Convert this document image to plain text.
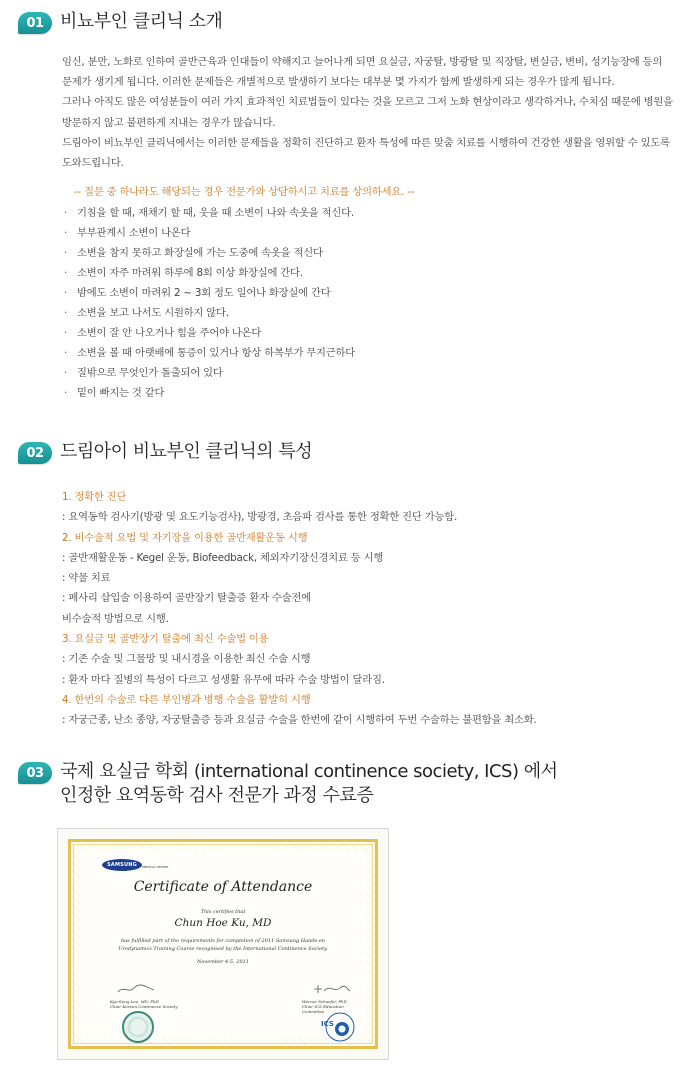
01 비뇨부인 클리닉 소개

임신, 분만, 노화로 인하여 골반근육과 인대들이 약해지고 늘어나게 되면 요실금, 자궁탈, 방광탈 및 직장탈, 변실금, 변비, 성기능장애 등의

문제가 생기게 됩니다. 이러한 문제들은 개별적으로 발생하기 보다는 대부분 몇 가지가 함께 발생하게 되는 경우가 많게 됩니다.

그러나 아직도 많은 여성분들이 여러 가지 효과적인 치료법들이 있다는 것을 모르고 그저 노화 현상이라고 생각하거나, 수치심 때문에 병원을

방문하지 않고 불편하게 지내는 경우가 많습니다.

드림아이 비뇨부인 클리닉에서는 이러한 문제들을 정확히 진단하고 환자 특성에 따른 맞춤 치료를 시행하여 건강한 생활을 영위할 수 있도록

도와드립니다.

-- 질문 중 하나라도 해당되는 경우 전문가와 상담하시고 치료를 상의하세요. --
· 기침을 할 때, 재채기 할 때, 웃을 때 소변이 나와 속옷을 적신다.
· 부부관계시 소변이 나온다
· 소변을 참지 못하고 화장실에 가는 도중에 속옷을 적신다
· 소변이 자주 마려워 하루에 8회 이상 화장실에 간다.
· 밤에도 소변이 마려워 2 ~ 3회 정도 일어나 화장실에 간다
· 소변을 보고 나서도 시원하지 않다.
· 소변이 잘 안 나오거나 힘을 주어야 나온다
· 소변을 볼 때 아랫배에 통증이 있거나 항상 하복부가 무지근하다
· 질밖으로 무엇인가 돌출되어 있다
· 밑이 빠지는 것 같다
02 드림아이 비뇨부인 클리닉의 특성
1. 정확한 진단
: 요역동학 검사기(방광 및 요도기능검사), 방광경, 초음파 검사를 통한 정확한 진단 가능함.
2. 비수술적 요법 및 자기장을 이용한 골반재활운동 시행
: 골반재활운동 - Kegel 운동, Biofeedback, 체외자기장신경치료 등 시행
: 약물 치료
: 페사리 삽입술 이용하여 골반장기 탈출증 환자 수술전에
비수술적 방법으로 시행.
3. 요실금 및 골반장기 탈출에 최신 수술법 이용
: 기존 수술 및 그물망 및 내시경을 이용한 최신 수술 시행
: 환자 마다 질병의 특성이 다르고 성생활 유무에 따라 수술 방법이 달라짐.
4. 한번의 수술로 다른 부인병과 병행 수술을 활발히 시행
: 자궁근종, 난소 종양, 자궁탈출증 등과 요실금 수술을 한번에 같이 시행하여 두번 수술하는 불편함을 최소화.
03 국제 요실금 학회 (international continence society, ICS) 에서
인정한 요역동학 검사 전문가 과정 수료증
SAMSUNG	MEDICAL CENTER
Certificate of Attendance
This certifies that
Chun Hoe Ku, MD
has fulfilled part of the requirements for completion of 2011 Samsung Hands-on
Urodynamics Training Course recognised by the International Continence Society.
November 4-5, 2011
Kyu-Sung Lee, MD, PhD
Chair Korean Continence Society
Werner Schaefer, PhD
Chair ICS Education Committee
ICS
